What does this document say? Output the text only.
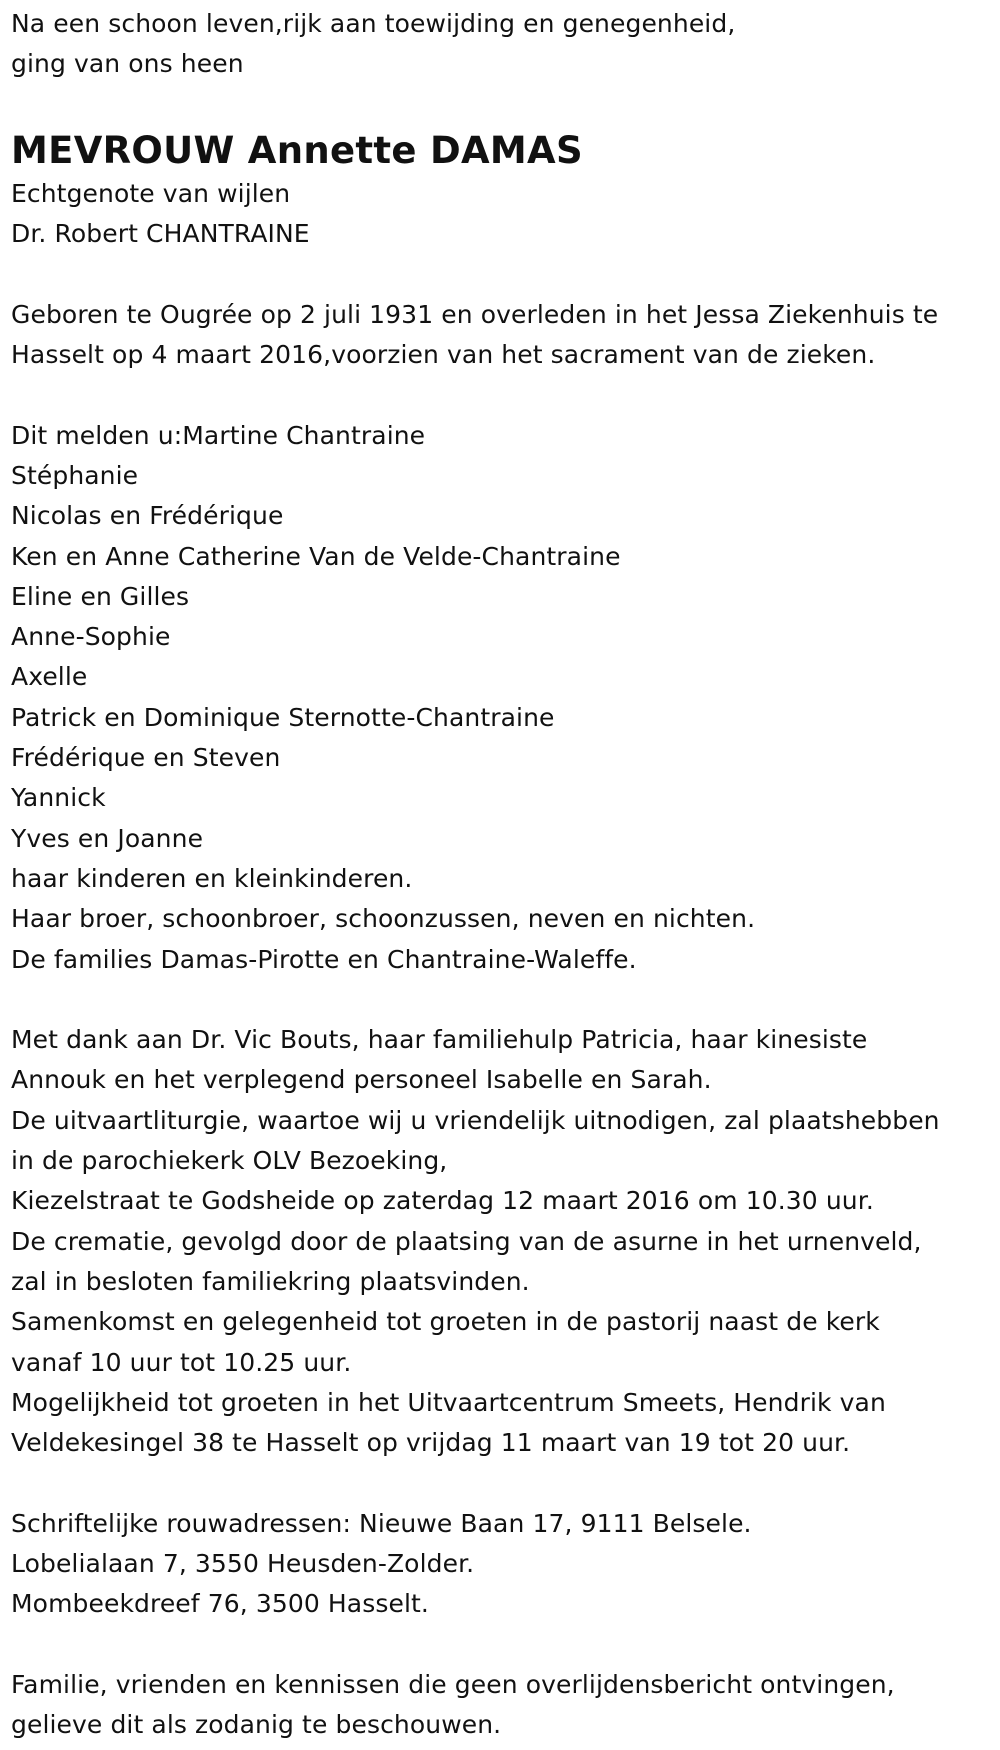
Na een schoon leven,rijk aan toewijding en genegenheid,
ging van ons heen
MEVROUW Annette DAMAS
Echtgenote van wijlen
Dr. Robert CHANTRAINE
Geboren te Ougrée op 2 juli 1931 en overleden in het Jessa Ziekenhuis te
Hasselt op 4 maart 2016,voorzien van het sacrament van de zieken.
Dit melden u:Martine Chantraine
Stéphanie
Nicolas en Frédérique
Ken en Anne Catherine Van de Velde-Chantraine
Eline en Gilles
Anne-Sophie
Axelle
Patrick en Dominique Sternotte-Chantraine
Frédérique en Steven
Yannick
Yves en Joanne
haar kinderen en kleinkinderen.
Haar broer, schoonbroer, schoonzussen, neven en nichten.
De families Damas-Pirotte en Chantraine-Waleffe.
Met dank aan Dr. Vic Bouts, haar familiehulp Patricia, haar kinesiste
Annouk en het verplegend personeel Isabelle en Sarah.
De uitvaartliturgie, waartoe wij u vriendelijk uitnodigen, zal plaatshebben
in de parochiekerk OLV Bezoeking,
Kiezelstraat te Godsheide op zaterdag 12 maart 2016 om 10.30 uur.
De crematie, gevolgd door de plaatsing van de asurne in het urnenveld,
zal in besloten familiekring plaatsvinden.
Samenkomst en gelegenheid tot groeten in de pastorij naast de kerk
vanaf 10 uur tot 10.25 uur.
Mogelijkheid tot groeten in het Uitvaartcentrum Smeets, Hendrik van
Veldekesingel 38 te Hasselt op vrijdag 11 maart van 19 tot 20 uur.
Schriftelijke rouwadressen: Nieuwe Baan 17, 9111 Belsele.
Lobelialaan 7, 3550 Heusden-Zolder.
Mombeekdreef 76, 3500 Hasselt.
Familie, vrienden en kennissen die geen overlijdensbericht ontvingen,
gelieve dit als zodanig te beschouwen.
